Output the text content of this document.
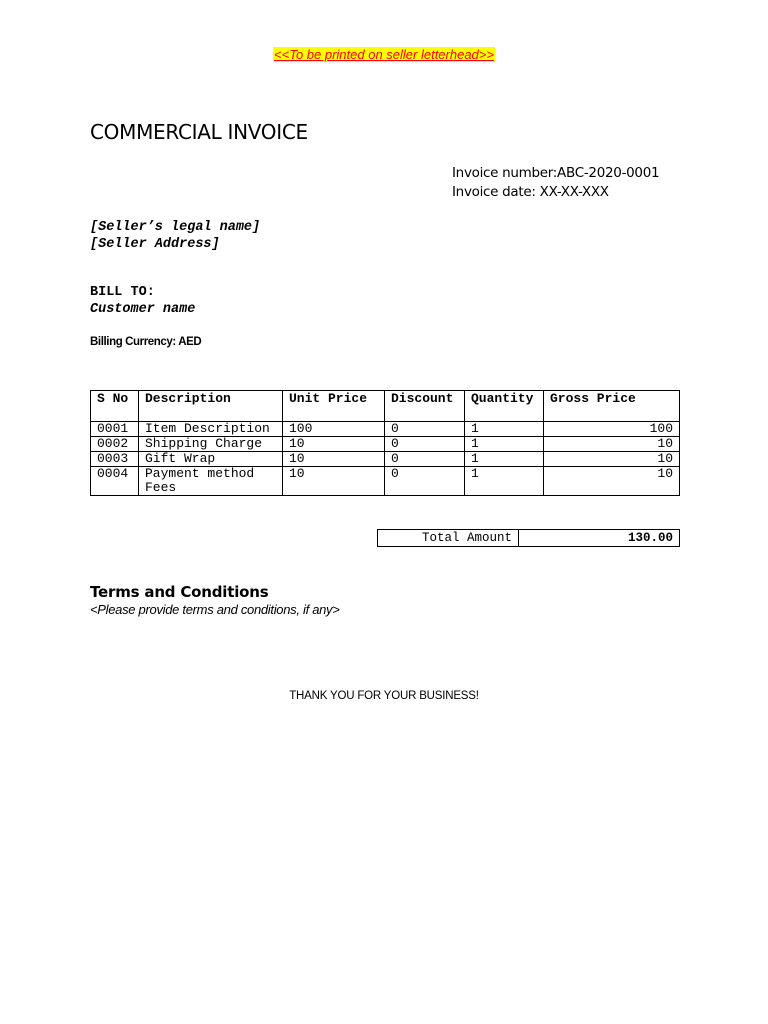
<<To be printed on seller letterhead>>
COMMERCIAL INVOICE
Invoice number:ABC-2020-0001
Invoice date: XX-XX-XXX
[Seller’s legal name]
[Seller Address]
BILL TO:
Customer name
Billing Currency: AED
S No	Description	Unit Price	Discount	Quantity	Gross Price
0001	Item Description	100	0	1	100
0002	Shipping Charge	10	0	1	10
0003	Gift Wrap	10	0	1	10
0004	Payment method Fees	10	0	1	10
Total Amount	130.00
Terms and Conditions
<Please provide terms and conditions, if any>
THANK YOU FOR YOUR BUSINESS!
